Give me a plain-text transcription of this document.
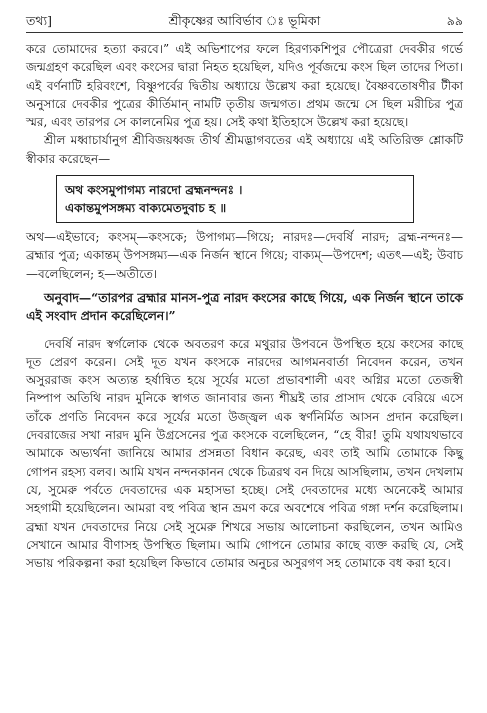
তথ্য]	শ্রীকৃষ্ণের আবির্ভাব ঃ ভূমিকা	৯৯

করে তোমাদের হত্যা করবে।” এই অভিশাপের ফলে হিরণ্যকশিপুর পৌত্রেরা দেবকীর গর্ভে জন্মগ্রহণ করেছিল এবং কংসের দ্বারা নিহত হয়েছিল, যদিও পূর্বজন্মে কংস ছিল তাদের পিতা। এই বর্ণনাটি হরিবংশে, বিষ্ণুপর্বের দ্বিতীয় অধ্যায়ে উল্লেখ করা হয়েছে। বৈষ্ণবতোষণীর টীকা অনুসারে দেবকীর পুত্রের কীর্তিমান্ নামটি তৃতীয় জন্মগত। প্রথম জন্মে সে ছিল মরীচির পুত্র স্মর, এবং তারপর সে কালনেমির পুত্র হয়। সেই কথা ইতিহাসে উল্লেখ করা হয়েছে।

শ্রীল মধ্বাচার্যানুগ শ্রীবিজয়ধ্বজ তীর্থ শ্রীমদ্ভাগবতের এই অধ্যায়ে এই অতিরিক্ত শ্লোকটি স্বীকার করেছেন—

অথ কংসমুপাগম্য নারদো ব্রহ্মনন্দনঃ ।
একান্তমুপসঙ্গম্য বাক্যমেতদুবাচ হ ॥

অথ—এইভাবে; কংসম্—কংসকে; উপাগম্য—গিয়ে; নারদঃ—দেবর্ষি নারদ; ব্রহ্ম-নন্দনঃ—ব্রহ্মার পুত্র; একান্তম্ উপসঙ্গম্য—এক নির্জন স্থানে গিয়ে; বাক্যম্—উপদেশ; এতৎ—এই; উবাচ—বলেছিলেন; হ—অতীতে।

অনুবাদ—“তারপর ব্রহ্মার মানস-পুত্র নারদ কংসের কাছে গিয়ে, এক নির্জন স্থানে তাকে এই সংবাদ প্রদান করেছিলেন।”

দেবর্ষি নারদ স্বর্গলোক থেকে অবতরণ করে মথুরার উপবনে উপস্থিত হয়ে কংসের কাছে দূত প্রেরণ করেন। সেই দূত যখন কংসকে নারদের আগমনবার্তা নিবেদন করেন, তখন অসুররাজ কংস অত্যন্ত হর্ষান্বিত হয়ে সূর্যের মতো প্রভাবশালী এবং অগ্নির মতো তেজস্বী নিষ্পাপ অতিথি নারদ মুনিকে স্বাগত জানাবার জন্য শীঘ্রই তার প্রাসাদ থেকে বেরিয়ে এসে তাঁকে প্রণতি নিবেদন করে সূর্যের মতো উজ্জ্বল এক স্বর্ণনির্মিত আসন প্রদান করেছিল। দেবরাজের সখা নারদ মুনি উগ্রসেনের পুত্র কংসকে বলেছিলেন, “হে বীর! তুমি যথাযথভাবে আমাকে অভ্যর্থনা জানিয়ে আমার প্রসন্নতা বিধান করেছ, এবং তাই আমি তোমাকে কিছু গোপন রহস্য বলব। আমি যখন নন্দনকানন থেকে চিত্ররথ বন দিয়ে আসছিলাম, তখন দেখলাম যে, সুমেরু পর্বতে দেবতাদের এক মহাসভা হচ্ছে। সেই দেবতাদের মধ্যে অনেকেই আমার সহগামী হয়েছিলেন। আমরা বহু পবিত্র স্থান ভ্রমণ করে অবশেষে পবিত্র গঙ্গা দর্শন করেছিলাম। ব্রহ্মা যখন দেবতাদের নিয়ে সেই সুমেরু শিখরে সভায় আলোচনা করছিলেন, তখন আমিও সেখানে আমার বীণাসহ উপস্থিত ছিলাম। আমি গোপনে তোমার কাছে ব্যক্ত করছি যে, সেই সভায় পরিকল্পনা করা হয়েছিল কিভাবে তোমার অনুচর অসুরগণ সহ তোমাকে বধ করা হবে।
